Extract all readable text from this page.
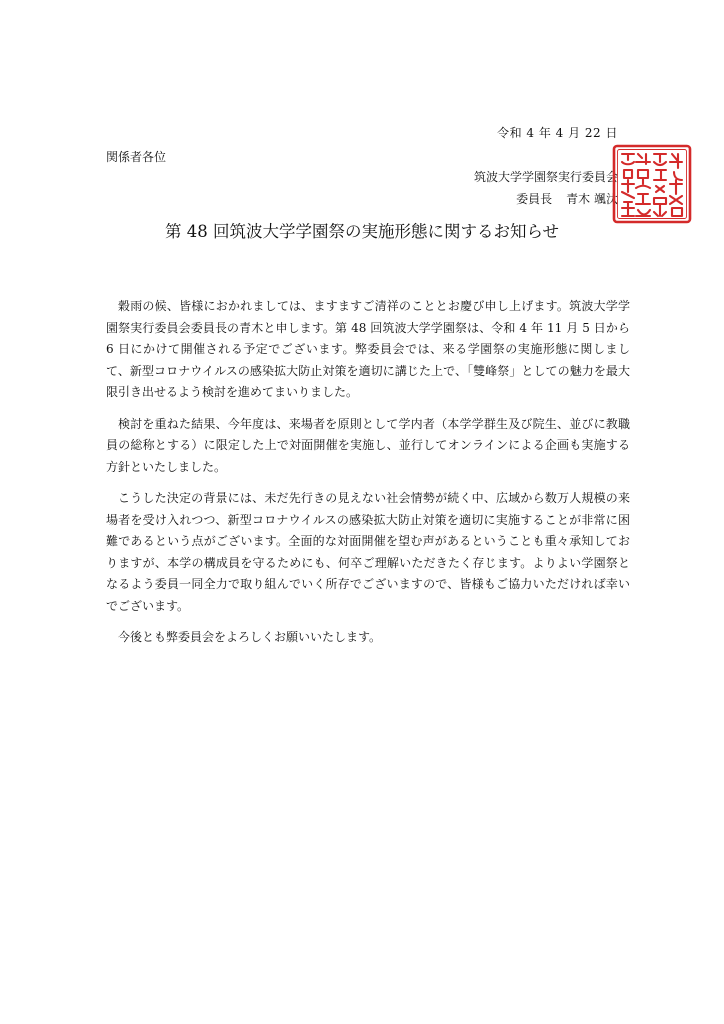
令和 4 年 4 月 22 日
関係者各位
筑波大学学園祭実行委員会
委員長 青木 颯汰
第 48 回筑波大学学園祭の実施形態に関するお知らせ

穀雨の候、皆様におかれましては、ますますご清祥のこととお慶び申し上げます。筑波大学学園祭実行委員会委員長の青木と申します。第 48 回筑波大学学園祭は、令和 4 年 11 月 5 日から 6 日にかけて開催される予定でございます。弊委員会では、来る学園祭の実施形態に関しまして、新型コロナウイルスの感染拡大防止対策を適切に講じた上で、「雙峰祭」としての魅力を最大限引き出せるよう検討を進めてまいりました。

検討を重ねた結果、今年度は、来場者を原則として学内者（本学学群生及び院生、並びに教職員の総称とする）に限定した上で対面開催を実施し、並行してオンラインによる企画も実施する方針といたしました。

こうした決定の背景には、未だ先行きの見えない社会情勢が続く中、広域から数万人規模の来場者を受け入れつつ、新型コロナウイルスの感染拡大防止対策を適切に実施することが非常に困難であるという点がございます。全面的な対面開催を望む声があるということも重々承知しておりますが、本学の構成員を守るためにも、何卒ご理解いただきたく存じます。よりよい学園祭となるよう委員一同全力で取り組んでいく所存でございますので、皆様もご協力いただければ幸いでございます。

今後とも弊委員会をよろしくお願いいたします。
